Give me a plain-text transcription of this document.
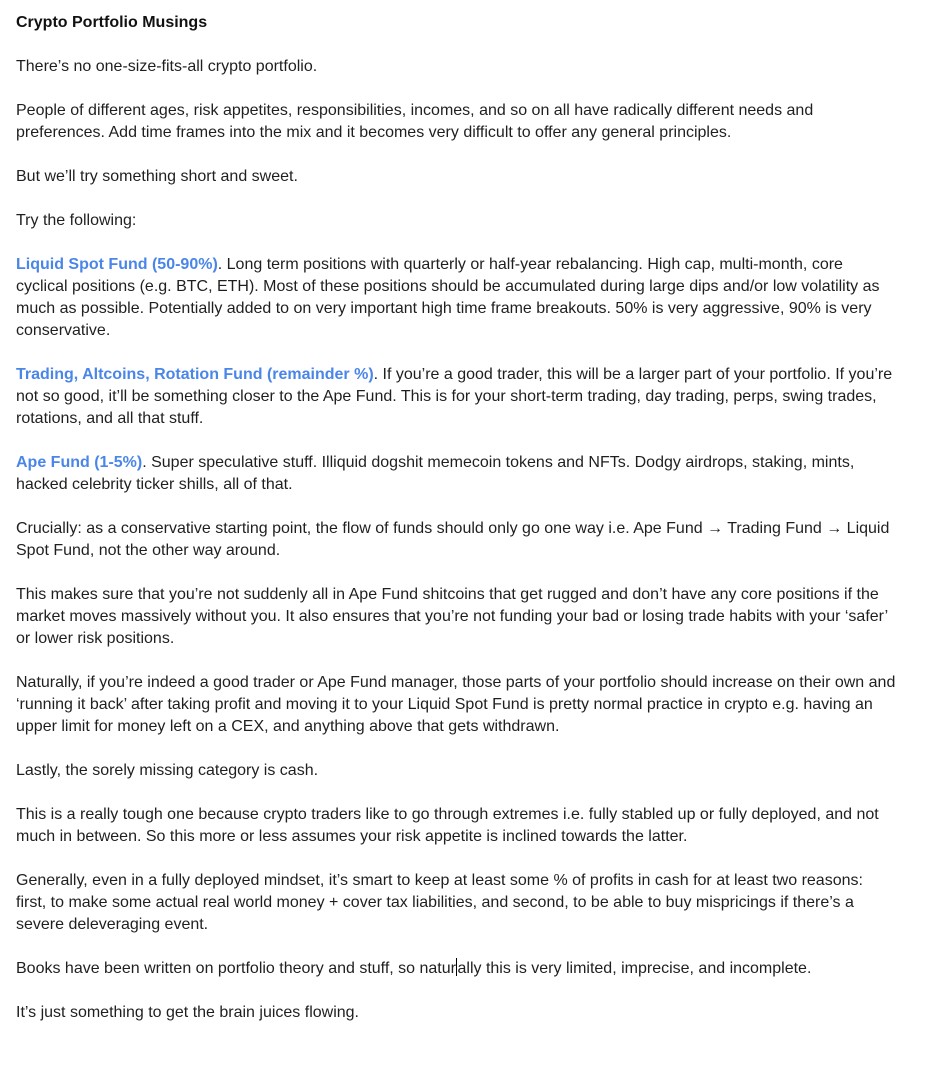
Crypto Portfolio Musings
There’s no one-size-fits-all crypto portfolio.
People of different ages, risk appetites, responsibilities, incomes, and so on all have radically different needs and preferences. Add time frames into the mix and it becomes very difficult to offer any general principles.
But we’ll try something short and sweet.
Try the following:
Liquid Spot Fund (50-90%). Long term positions with quarterly or half-year rebalancing. High cap, multi-month, core cyclical positions (e.g. BTC, ETH). Most of these positions should be accumulated during large dips and/or low volatility as much as possible. Potentially added to on very important high time frame breakouts. 50% is very aggressive, 90% is very conservative.
Trading, Altcoins, Rotation Fund (remainder %). If you’re a good trader, this will be a larger part of your portfolio. If you’re not so good, it’ll be something closer to the Ape Fund. This is for your short-term trading, day trading, perps, swing trades, rotations, and all that stuff.
Ape Fund (1-5%). Super speculative stuff. Illiquid dogshit memecoin tokens and NFTs. Dodgy airdrops, staking, mints, hacked celebrity ticker shills, all of that.
Crucially: as a conservative starting point, the flow of funds should only go one way i.e. Ape Fund → Trading Fund → Liquid Spot Fund, not the other way around.
This makes sure that you’re not suddenly all in Ape Fund shitcoins that get rugged and don’t have any core positions if the market moves massively without you. It also ensures that you’re not funding your bad or losing trade habits with your ‘safer’ or lower risk positions.
Naturally, if you’re indeed a good trader or Ape Fund manager, those parts of your portfolio should increase on their own and ‘running it back’ after taking profit and moving it to your Liquid Spot Fund is pretty normal practice in crypto e.g. having an upper limit for money left on a CEX, and anything above that gets withdrawn.
Lastly, the sorely missing category is cash.
This is a really tough one because crypto traders like to go through extremes i.e. fully stabled up or fully deployed, and not much in between. So this more or less assumes your risk appetite is inclined towards the latter.
Generally, even in a fully deployed mindset, it’s smart to keep at least some % of profits in cash for at least two reasons: first, to make some actual real world money + cover tax liabilities, and second, to be able to buy mispricings if there’s a severe deleveraging event.
Books have been written on portfolio theory and stuff, so naturally this is very limited, imprecise, and incomplete.
It’s just something to get the brain juices flowing.
